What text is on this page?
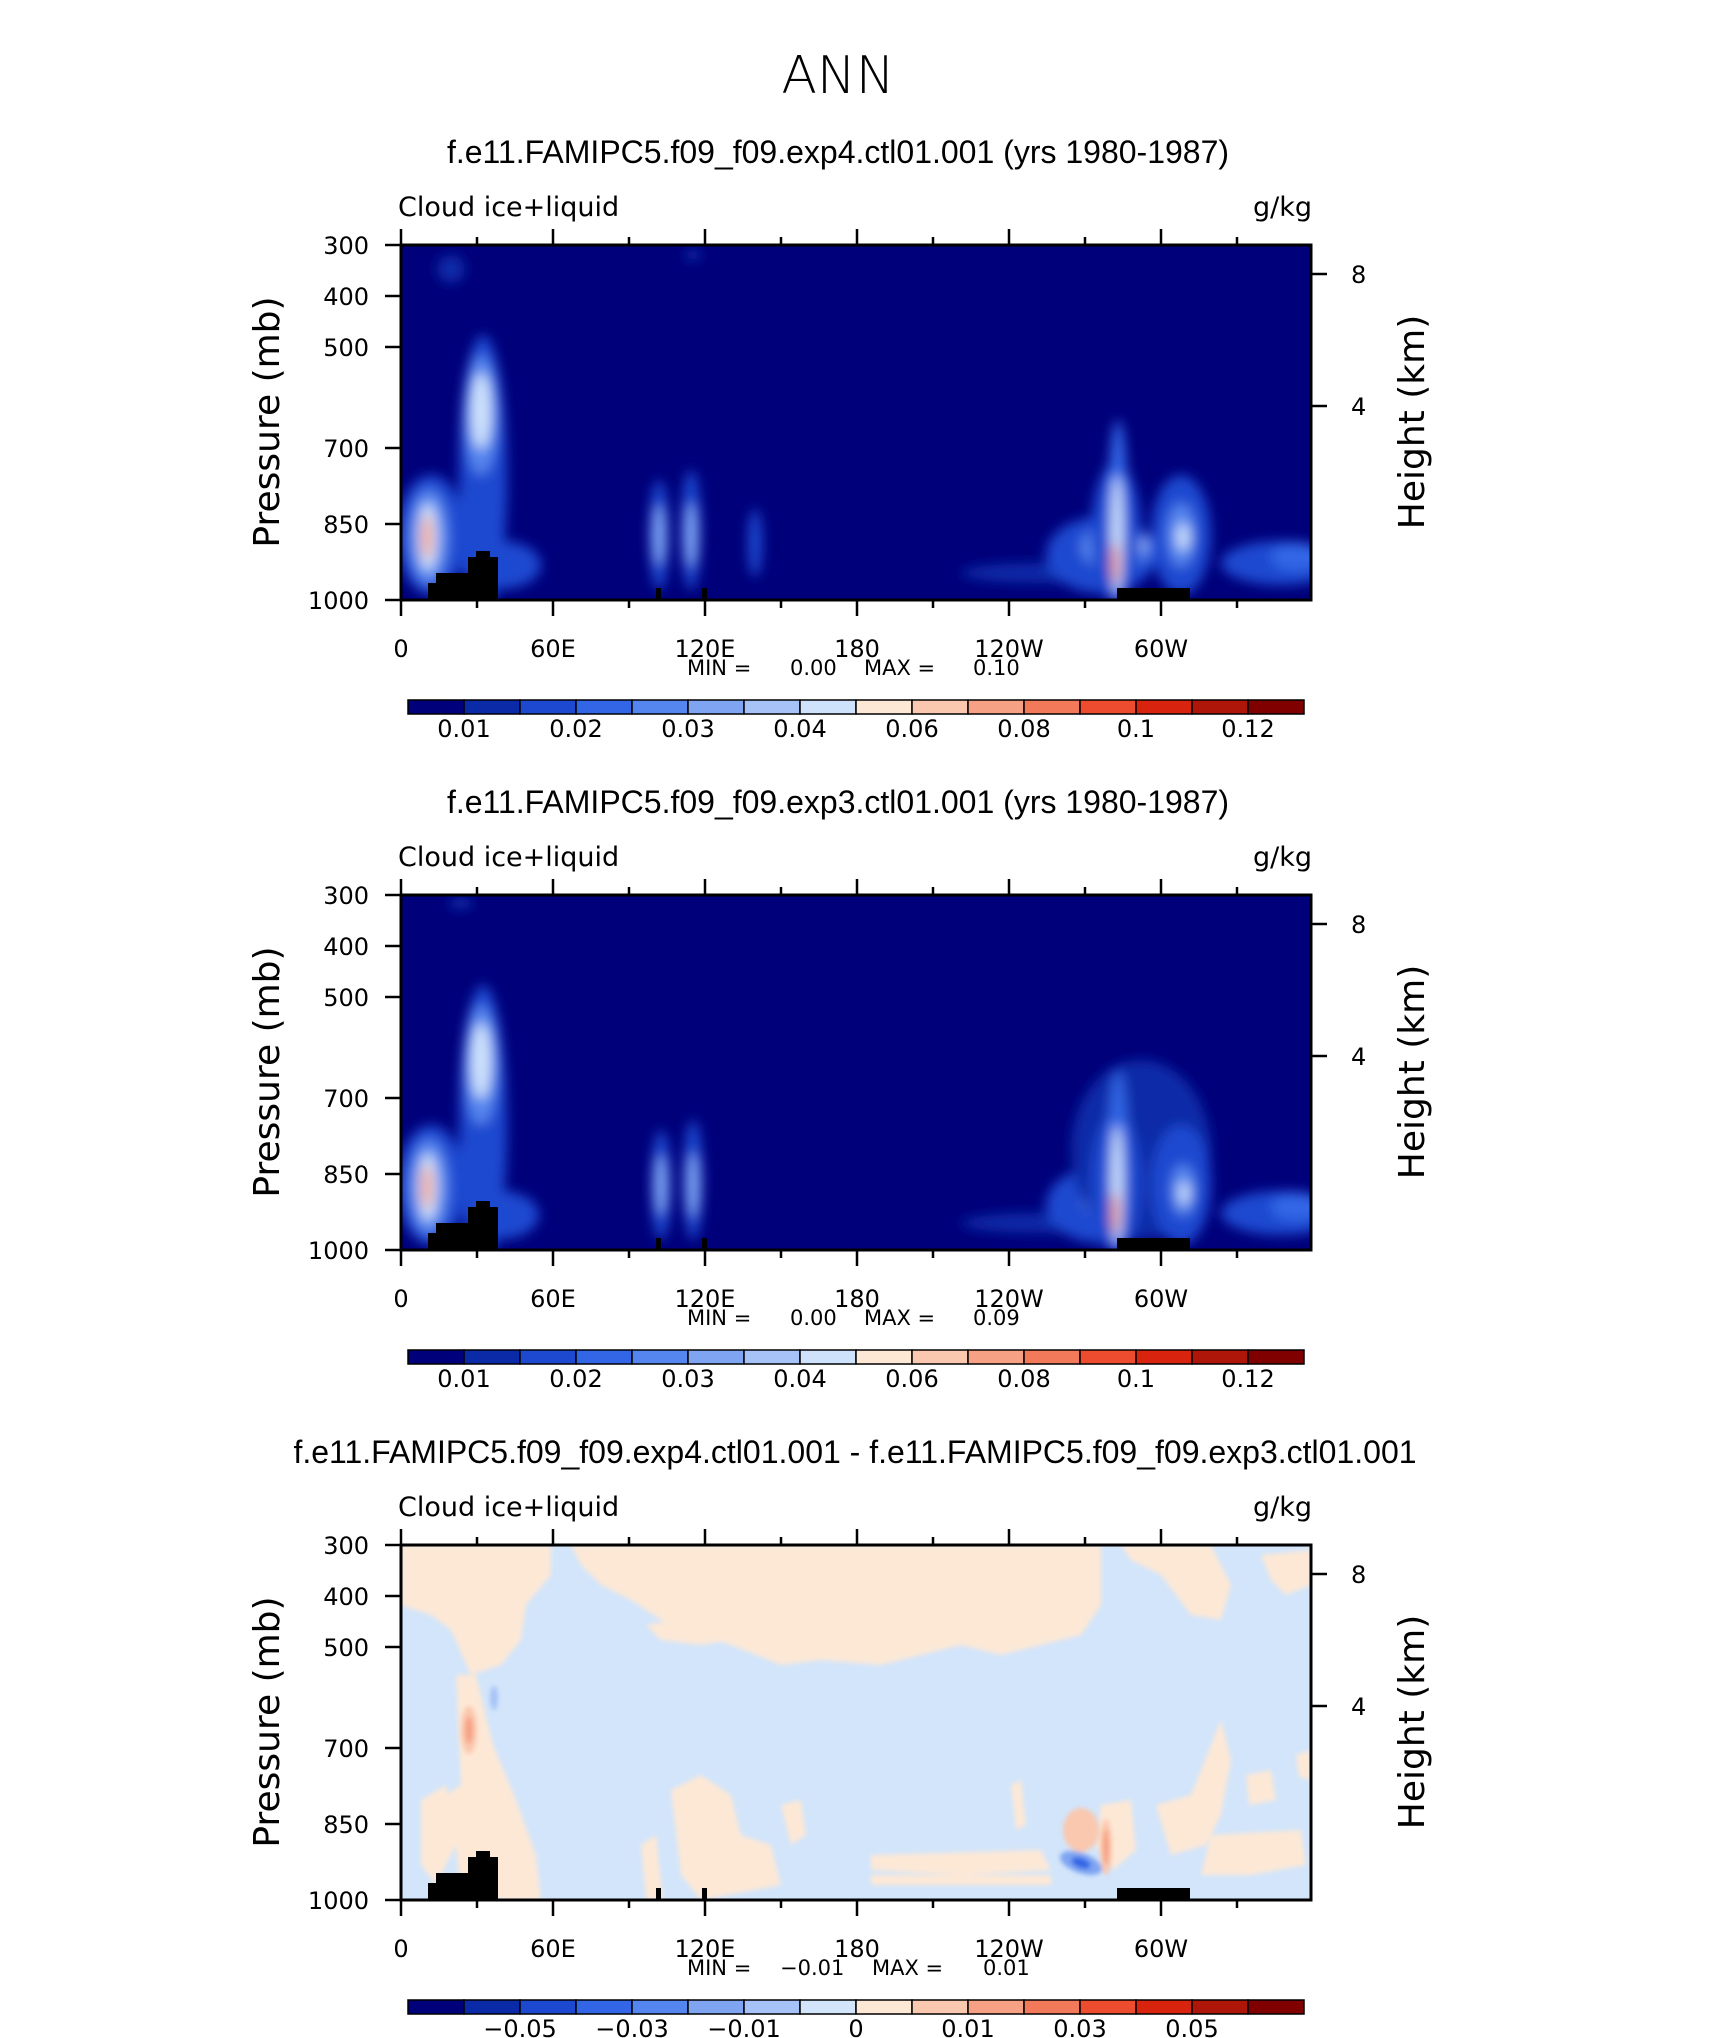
ANN
f.e11.FAMIPC5.f09_f09.exp4.ctl01.001 (yrs 1980-1987)
Cloud ice+liquid	g/kg
300
400
500
700
850
1000
8
4
Pressure (mb)	Height (km)
0	60E	120E	180	120W	60W
MIN = 0.00 MAX = 0.10
0.01 0.02 0.03 0.04 0.06 0.08	0.1	0.12
f.e11.FAMIPC5.f09_f09.exp3.ctl01.001 (yrs 1980-1987)
Cloud ice+liquid	g/kg
300
400
500
700
850
1000
8
4
Pressure (mb)	Height (km)
0	60E	120E	180	120W	60W
MIN = 0.00 MAX = 0.09
0.01 0.02 0.03 0.04 0.06 0.08	0.1	0.12
f.e11.FAMIPC5.f09_f09.exp4.ctl01.001 - f.e11.FAMIPC5.f09_f09.exp3.ctl01.001
Cloud ice+liquid	g/kg
300
400
500
700
850
1000
8
4
Pressure (mb)	Height (km)
0	60E	120E	180	120W	60W
MIN = −0.01 MAX = 0.01
−0.05 −0.03 −0.01	0	0.01 0.03 0.05
